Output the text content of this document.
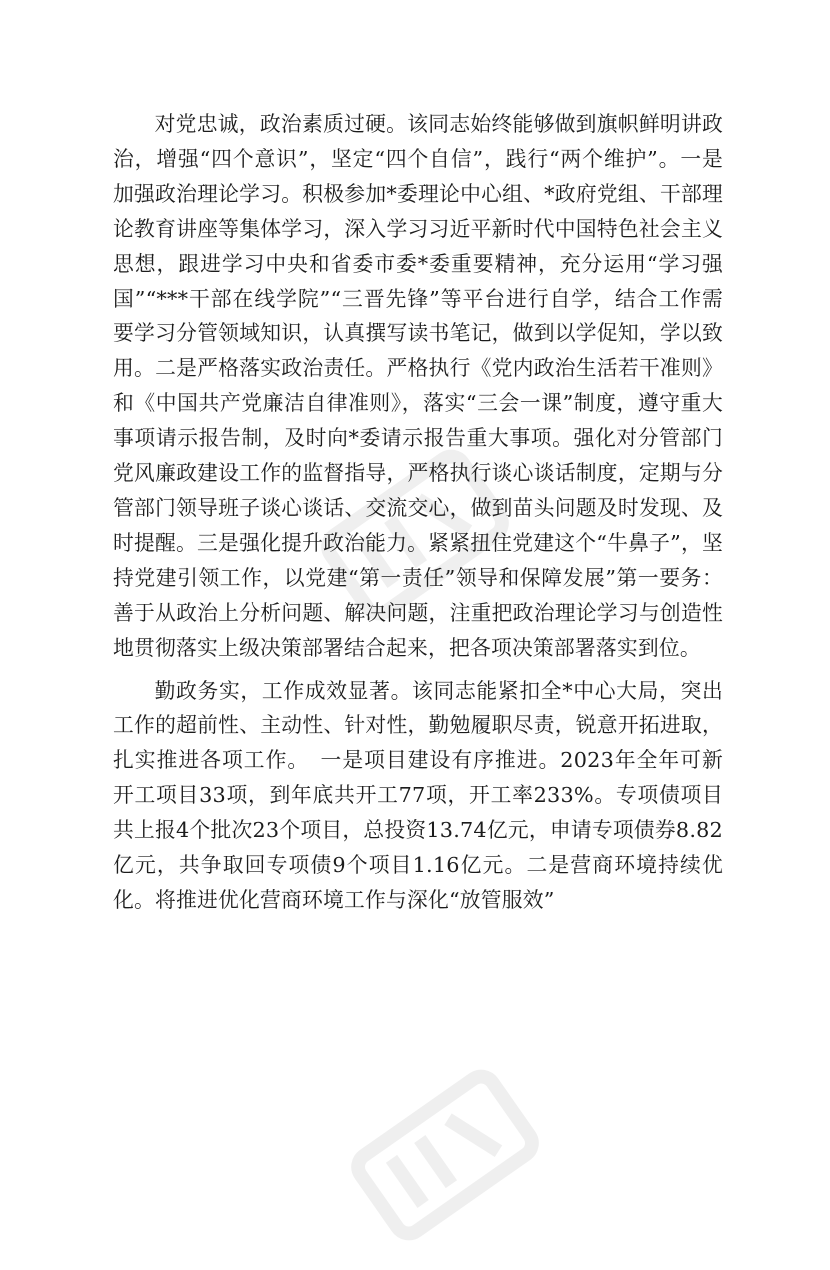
对党忠诚，政治素质过硬。该同志始终能够做到旗帜鲜明讲政治，增强“四个意识”，坚定“四个自信”，践行“两个维护”。一是加强政治理论学习。积极参加*委理论中心组、*政府党组、干部理论教育讲座等集体学习，深入学习习近平新时代中国特色社会主义思想，跟进学习中央和省委市委*委重要精神，充分运用“学习强国”“***干部在线学院”“三晋先锋”等平台进行自学，结合工作需要学习分管领域知识，认真撰写读书笔记，做到以学促知，学以致用。二是严格落实政治责任。严格执行《党内政治生活若干准则》和《中国共产党廉洁自律准则》，落实“三会一课”制度，遵守重大事项请示报告制，及时向*委请示报告重大事项。强化对分管部门党风廉政建设工作的监督指导，严格执行谈心谈话制度，定期与分管部门领导班子谈心谈话、交流交心，做到苗头问题及时发现、及时提醒。三是强化提升政治能力。紧紧扭住党建这个“牛鼻子”，坚持党建引领工作，以党建“第一责任”领导和保障发展”第一要务：善于从政治上分析问题、解决问题，注重把政治理论学习与创造性地贯彻落实上级决策部署结合起来，把各项决策部署落实到位。

勤政务实，工作成效显著。该同志能紧扣全*中心大局，突出工作的超前性、主动性、针对性，勤勉履职尽责，锐意开拓进取，扎实推进各项工作。　一是项目建设有序推进。2023年全年可新开工项目33项，到年底共开工77项，开工率233%。专项债项目共上报4个批次23个项目，总投资13.74亿元，申请专项债券8.82亿元，共争取回专项债9个项目1.16亿元。二是营商环境持续优化。将推进优化营商环境工作与深化“放管服效”
